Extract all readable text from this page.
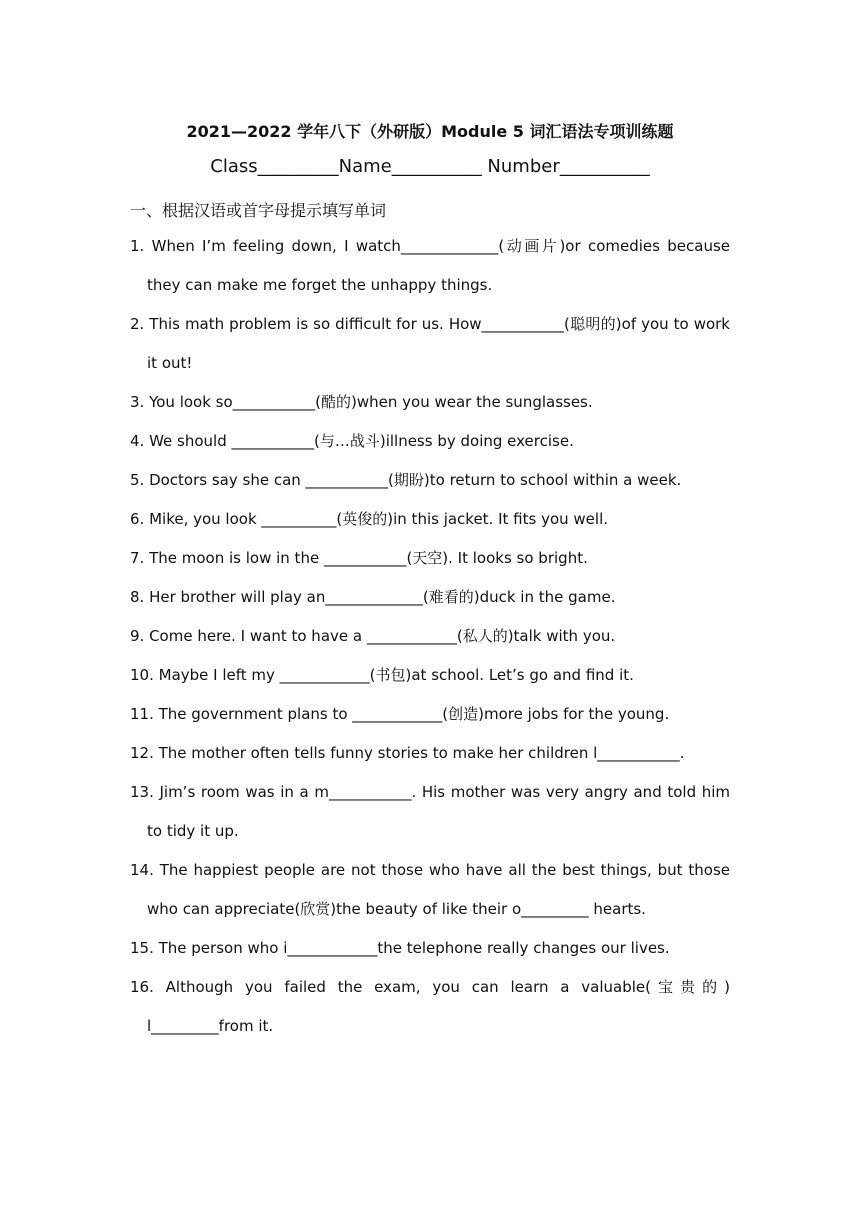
2021—2022 学年八下（外研版）Module 5 词汇语法专项训练题
Class_________Name__________ Number__________
一、根据汉语或首字母提示填写单词
1. When I’m feeling down, I watch_____________(动画片)or comedies because they can make me forget the unhappy things.
2. This math problem is so difficult for us. How___________(聪明的)of you to work it out!
3. You look so___________(酷的)when you wear the sunglasses.
4. We should ___________(与…战斗)illness by doing exercise.
5. Doctors say she can ___________(期盼)to return to school within a week.
6. Mike, you look __________(英俊的)in this jacket. It fits you well.
7. The moon is low in the ___________(天空). It looks so bright.
8. Her brother will play an_____________(难看的)duck in the game.
9. Come here. I want to have a ____________(私人的)talk with you.
10. Maybe I left my ____________(书包)at school. Let’s go and find it.
11. The government plans to ____________(创造)more jobs for the young.
12. The mother often tells funny stories to make her children l___________.
13. Jim’s room was in a m___________. His mother was very angry and told him to tidy it up.
14. The happiest people are not those who have all the best things, but those who can appreciate(欣赏)the beauty of like their o_________ hearts.
15. The person who i____________the telephone really changes our lives.
16. Although you failed the exam, you can learn a valuable(宝贵的) l_________from it.
